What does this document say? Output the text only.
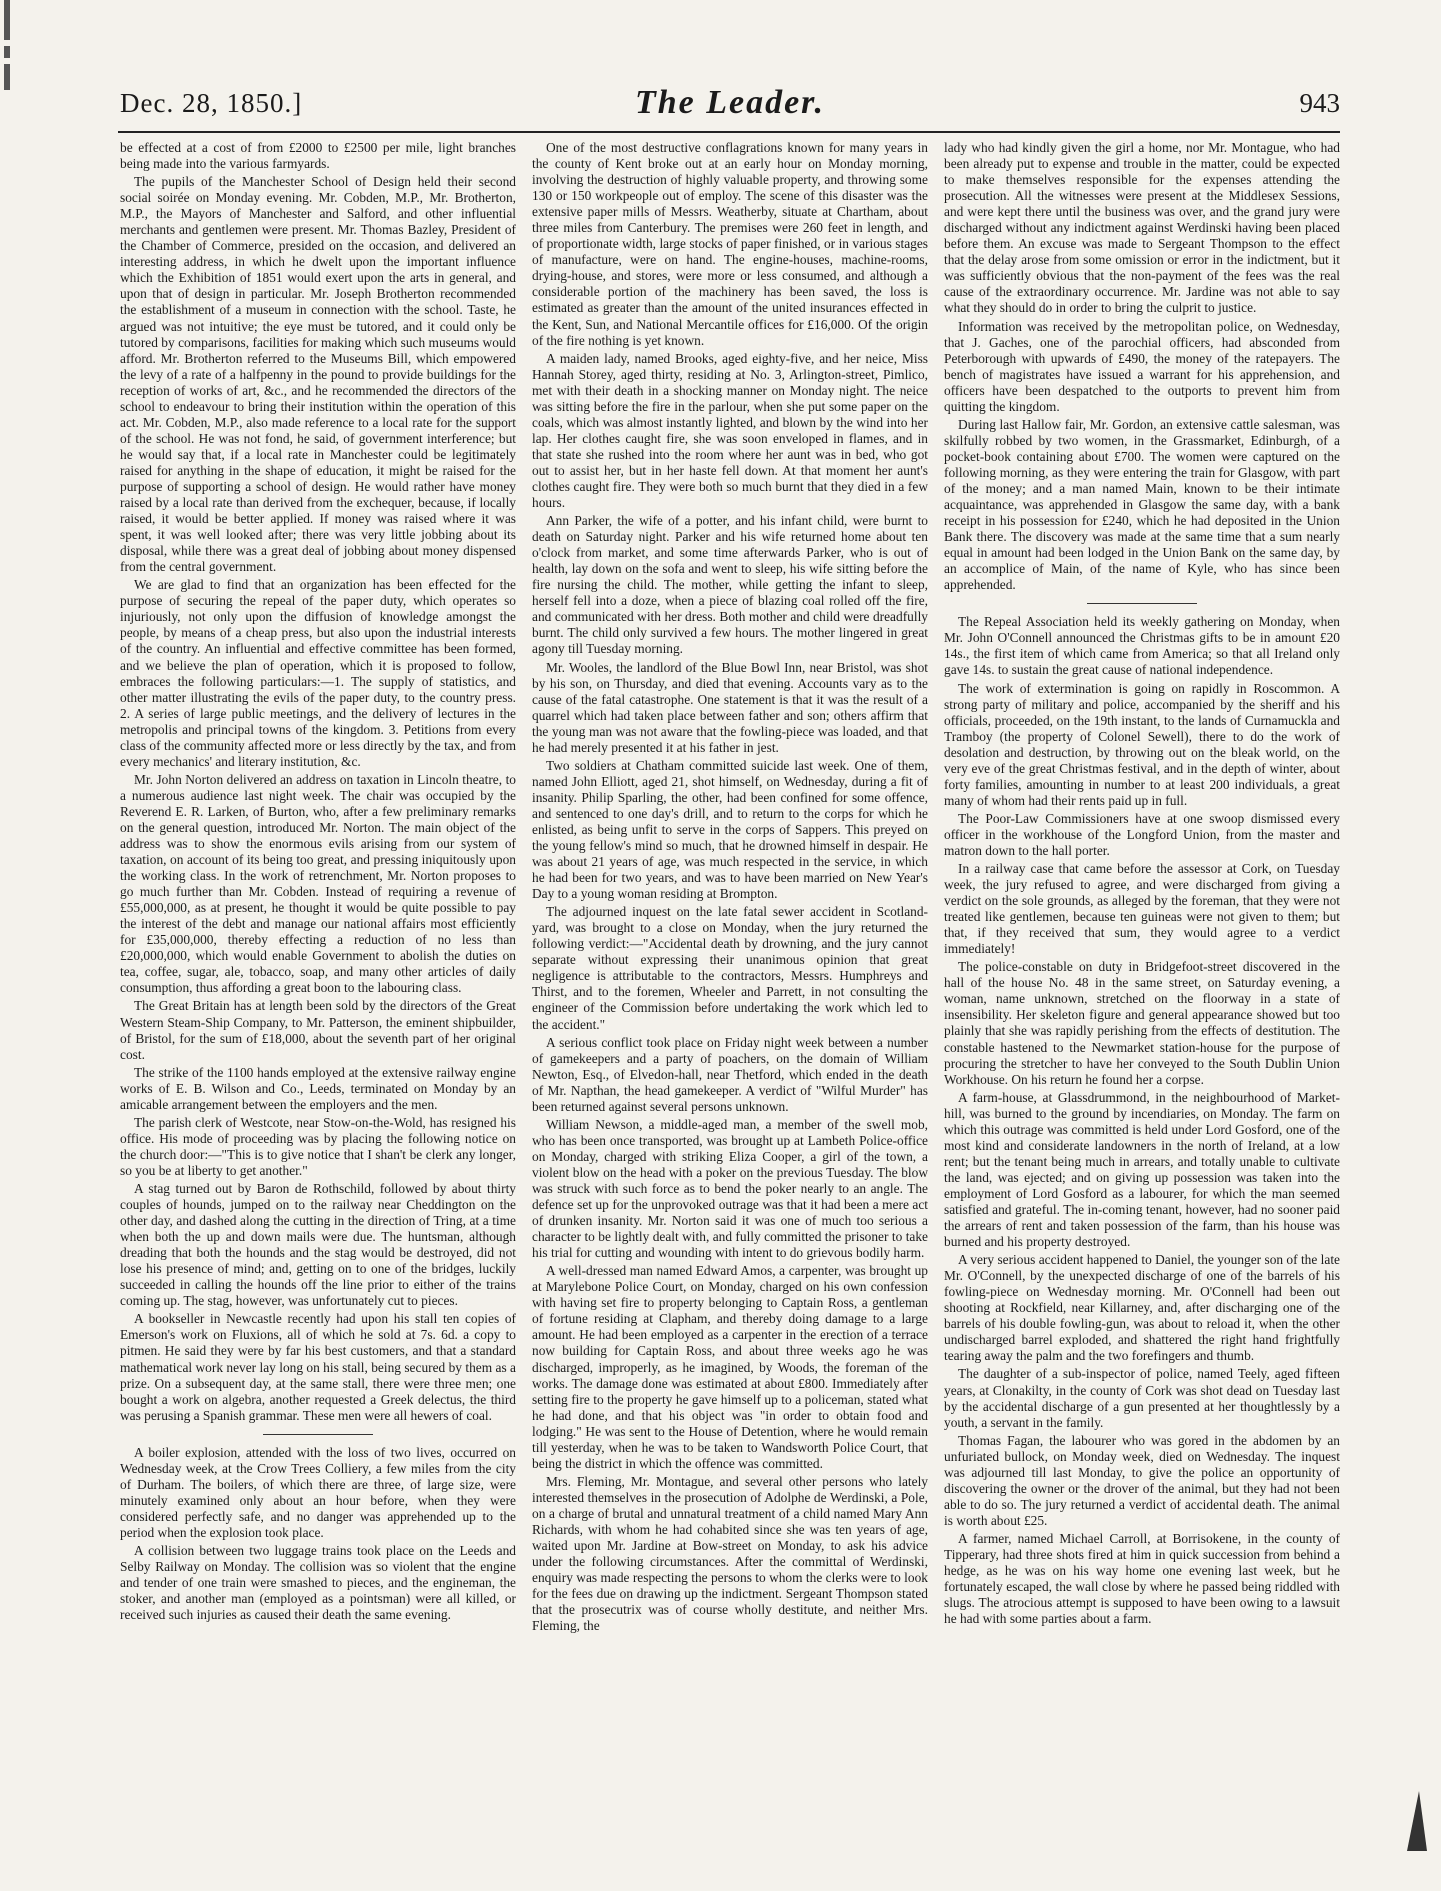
Dec. 28, 1850.]	The Leader.	943

be effected at a cost of from £2000 to £2500 per mile, light branches being made into the various farmyards.

The pupils of the Manchester School of Design held their second social soirée on Monday evening. Mr. Cobden, M.P., Mr. Brotherton, M.P., the Mayors of Manchester and Salford, and other influential merchants and gentlemen were present. Mr. Thomas Bazley, President of the Chamber of Commerce, presided on the occasion, and delivered an interesting address, in which he dwelt upon the important influence which the Exhibition of 1851 would exert upon the arts in general, and upon that of design in particular. Mr. Joseph Brotherton recommended the establishment of a museum in connection with the school. Taste, he argued was not intuitive; the eye must be tutored, and it could only be tutored by comparisons, facilities for making which such museums would afford. Mr. Brotherton referred to the Museums Bill, which empowered the levy of a rate of a halfpenny in the pound to provide buildings for the reception of works of art, &c., and he recommended the directors of the school to endeavour to bring their institution within the operation of this act. Mr. Cobden, M.P., also made reference to a local rate for the support of the school. He was not fond, he said, of government interference; but he would say that, if a local rate in Manchester could be legitimately raised for anything in the shape of education, it might be raised for the purpose of supporting a school of design. He would rather have money raised by a local rate than derived from the exchequer, because, if locally raised, it would be better applied. If money was raised where it was spent, it was well looked after; there was very little jobbing about its disposal, while there was a great deal of jobbing about money dispensed from the central government.

We are glad to find that an organization has been effected for the purpose of securing the repeal of the paper duty, which operates so injuriously, not only upon the diffusion of knowledge amongst the people, by means of a cheap press, but also upon the industrial interests of the country. An influential and effective committee has been formed, and we believe the plan of operation, which it is proposed to follow, embraces the following particulars:—1. The supply of statistics, and other matter illustrating the evils of the paper duty, to the country press. 2. A series of large public meetings, and the delivery of lectures in the metropolis and principal towns of the kingdom. 3. Petitions from every class of the community affected more or less directly by the tax, and from every mechanics' and literary institution, &c.

Mr. John Norton delivered an address on taxation in Lincoln theatre, to a numerous audience last night week. The chair was occupied by the Reverend E. R. Larken, of Burton, who, after a few preliminary remarks on the general question, introduced Mr. Norton. The main object of the address was to show the enormous evils arising from our system of taxation, on account of its being too great, and pressing iniquitously upon the working class. In the work of retrenchment, Mr. Norton proposes to go much further than Mr. Cobden. Instead of requiring a revenue of £55,000,000, as at present, he thought it would be quite possible to pay the interest of the debt and manage our national affairs most efficiently for £35,000,000, thereby effecting a reduction of no less than £20,000,000, which would enable Government to abolish the duties on tea, coffee, sugar, ale, tobacco, soap, and many other articles of daily consumption, thus affording a great boon to the labouring class.

The Great Britain has at length been sold by the directors of the Great Western Steam-Ship Company, to Mr. Patterson, the eminent shipbuilder, of Bristol, for the sum of £18,000, about the seventh part of her original cost.

The strike of the 1100 hands employed at the extensive railway engine works of E. B. Wilson and Co., Leeds, terminated on Monday by an amicable arrangement between the employers and the men.

The parish clerk of Westcote, near Stow-on-the-Wold, has resigned his office. His mode of proceeding was by placing the following notice on the church door:—"This is to give notice that I shan't be clerk any longer, so you be at liberty to get another."

A stag turned out by Baron de Rothschild, followed by about thirty couples of hounds, jumped on to the railway near Cheddington on the other day, and dashed along the cutting in the direction of Tring, at a time when both the up and down mails were due. The huntsman, although dreading that both the hounds and the stag would be destroyed, did not lose his presence of mind; and, getting on to one of the bridges, luckily succeeded in calling the hounds off the line prior to either of the trains coming up. The stag, however, was unfortunately cut to pieces.

A bookseller in Newcastle recently had upon his stall ten copies of Emerson's work on Fluxions, all of which he sold at 7s. 6d. a copy to pitmen. He said they were by far his best customers, and that a standard mathematical work never lay long on his stall, being secured by them as a prize. On a subsequent day, at the same stall, there were three men; one bought a work on algebra, another requested a Greek delectus, the third was perusing a Spanish grammar. These men were all hewers of coal.

A boiler explosion, attended with the loss of two lives, occurred on Wednesday week, at the Crow Trees Colliery, a few miles from the city of Durham. The boilers, of which there are three, of large size, were minutely examined only about an hour before, when they were considered perfectly safe, and no danger was apprehended up to the period when the explosion took place.

A collision between two luggage trains took place on the Leeds and Selby Railway on Monday. The collision was so violent that the engine and tender of one train were smashed to pieces, and the engineman, the stoker, and another man (employed as a pointsman) were all killed, or received such injuries as caused their death the same evening.

One of the most destructive conflagrations known for many years in the county of Kent broke out at an early hour on Monday morning, involving the destruction of highly valuable property, and throwing some 130 or 150 workpeople out of employ. The scene of this disaster was the extensive paper mills of Messrs. Weatherby, situate at Chartham, about three miles from Canterbury. The premises were 260 feet in length, and of proportionate width, large stocks of paper finished, or in various stages of manufacture, were on hand. The engine-houses, machine-rooms, drying-house, and stores, were more or less consumed, and although a considerable portion of the machinery has been saved, the loss is estimated as greater than the amount of the united insurances effected in the Kent, Sun, and National Mercantile offices for £16,000. Of the origin of the fire nothing is yet known.

A maiden lady, named Brooks, aged eighty-five, and her neice, Miss Hannah Storey, aged thirty, residing at No. 3, Arlington-street, Pimlico, met with their death in a shocking manner on Monday night. The neice was sitting before the fire in the parlour, when she put some paper on the coals, which was almost instantly lighted, and blown by the wind into her lap. Her clothes caught fire, she was soon enveloped in flames, and in that state she rushed into the room where her aunt was in bed, who got out to assist her, but in her haste fell down. At that moment her aunt's clothes caught fire. They were both so much burnt that they died in a few hours.

Ann Parker, the wife of a potter, and his infant child, were burnt to death on Saturday night. Parker and his wife returned home about ten o'clock from market, and some time afterwards Parker, who is out of health, lay down on the sofa and went to sleep, his wife sitting before the fire nursing the child. The mother, while getting the infant to sleep, herself fell into a doze, when a piece of blazing coal rolled off the fire, and communicated with her dress. Both mother and child were dreadfully burnt. The child only survived a few hours. The mother lingered in great agony till Tuesday morning.

Mr. Wooles, the landlord of the Blue Bowl Inn, near Bristol, was shot by his son, on Thursday, and died that evening. Accounts vary as to the cause of the fatal catastrophe. One statement is that it was the result of a quarrel which had taken place between father and son; others affirm that the young man was not aware that the fowling-piece was loaded, and that he had merely presented it at his father in jest.

Two soldiers at Chatham committed suicide last week. One of them, named John Elliott, aged 21, shot himself, on Wednesday, during a fit of insanity. Philip Sparling, the other, had been confined for some offence, and sentenced to one day's drill, and to return to the corps for which he enlisted, as being unfit to serve in the corps of Sappers. This preyed on the young fellow's mind so much, that he drowned himself in despair. He was about 21 years of age, was much respected in the service, in which he had been for two years, and was to have been married on New Year's Day to a young woman residing at Brompton.

The adjourned inquest on the late fatal sewer accident in Scotland-yard, was brought to a close on Monday, when the jury returned the following verdict:—"Accidental death by drowning, and the jury cannot separate without expressing their unanimous opinion that great negligence is attributable to the contractors, Messrs. Humphreys and Thirst, and to the foremen, Wheeler and Parrett, in not consulting the engineer of the Commission before undertaking the work which led to the accident."

A serious conflict took place on Friday night week between a number of gamekeepers and a party of poachers, on the domain of William Newton, Esq., of Elvedon-hall, near Thetford, which ended in the death of Mr. Napthan, the head gamekeeper. A verdict of "Wilful Murder" has been returned against several persons unknown.

William Newson, a middle-aged man, a member of the swell mob, who has been once transported, was brought up at Lambeth Police-office on Monday, charged with striking Eliza Cooper, a girl of the town, a violent blow on the head with a poker on the previous Tuesday. The blow was struck with such force as to bend the poker nearly to an angle. The defence set up for the unprovoked outrage was that it had been a mere act of drunken insanity. Mr. Norton said it was one of much too serious a character to be lightly dealt with, and fully committed the prisoner to take his trial for cutting and wounding with intent to do grievous bodily harm.

A well-dressed man named Edward Amos, a carpenter, was brought up at Marylebone Police Court, on Monday, charged on his own confession with having set fire to property belonging to Captain Ross, a gentleman of fortune residing at Clapham, and thereby doing damage to a large amount. He had been employed as a carpenter in the erection of a terrace now building for Captain Ross, and about three weeks ago he was discharged, improperly, as he imagined, by Woods, the foreman of the works. The damage done was estimated at about £800. Immediately after setting fire to the property he gave himself up to a policeman, stated what he had done, and that his object was "in order to obtain food and lodging." He was sent to the House of Detention, where he would remain till yesterday, when he was to be taken to Wandsworth Police Court, that being the district in which the offence was committed.

Mrs. Fleming, Mr. Montague, and several other persons who lately interested themselves in the prosecution of Adolphe de Werdinski, a Pole, on a charge of brutal and unnatural treatment of a child named Mary Ann Richards, with whom he had cohabited since she was ten years of age, waited upon Mr. Jardine at Bow-street on Monday, to ask his advice under the following circumstances. After the committal of Werdinski, enquiry was made respecting the persons to whom the clerks were to look for the fees due on drawing up the indictment. Sergeant Thompson stated that the prosecutrix was of course wholly destitute, and neither Mrs. Fleming, the

lady who had kindly given the girl a home, nor Mr. Montague, who had been already put to expense and trouble in the matter, could be expected to make themselves responsible for the expenses attending the prosecution. All the witnesses were present at the Middlesex Sessions, and were kept there until the business was over, and the grand jury were discharged without any indictment against Werdinski having been placed before them. An excuse was made to Sergeant Thompson to the effect that the delay arose from some omission or error in the indictment, but it was sufficiently obvious that the non-payment of the fees was the real cause of the extraordinary occurrence. Mr. Jardine was not able to say what they should do in order to bring the culprit to justice.

Information was received by the metropolitan police, on Wednesday, that J. Gaches, one of the parochial officers, had absconded from Peterborough with upwards of £490, the money of the ratepayers. The bench of magistrates have issued a warrant for his apprehension, and officers have been despatched to the outports to prevent him from quitting the kingdom.

During last Hallow fair, Mr. Gordon, an extensive cattle salesman, was skilfully robbed by two women, in the Grassmarket, Edinburgh, of a pocket-book containing about £700. The women were captured on the following morning, as they were entering the train for Glasgow, with part of the money; and a man named Main, known to be their intimate acquaintance, was apprehended in Glasgow the same day, with a bank receipt in his possession for £240, which he had deposited in the Union Bank there. The discovery was made at the same time that a sum nearly equal in amount had been lodged in the Union Bank on the same day, by an accomplice of Main, of the name of Kyle, who has since been apprehended.

The Repeal Association held its weekly gathering on Monday, when Mr. John O'Connell announced the Christmas gifts to be in amount £20 14s., the first item of which came from America; so that all Ireland only gave 14s. to sustain the great cause of national independence.

The work of extermination is going on rapidly in Roscommon. A strong party of military and police, accompanied by the sheriff and his officials, proceeded, on the 19th instant, to the lands of Curnamuckla and Tramboy (the property of Colonel Sewell), there to do the work of desolation and destruction, by throwing out on the bleak world, on the very eve of the great Christmas festival, and in the depth of winter, about forty families, amounting in number to at least 200 individuals, a great many of whom had their rents paid up in full.

The Poor-Law Commissioners have at one swoop dismissed every officer in the workhouse of the Longford Union, from the master and matron down to the hall porter.

In a railway case that came before the assessor at Cork, on Tuesday week, the jury refused to agree, and were discharged from giving a verdict on the sole grounds, as alleged by the foreman, that they were not treated like gentlemen, because ten guineas were not given to them; but that, if they received that sum, they would agree to a verdict immediately!

The police-constable on duty in Bridgefoot-street discovered in the hall of the house No. 48 in the same street, on Saturday evening, a woman, name unknown, stretched on the floorway in a state of insensibility. Her skeleton figure and general appearance showed but too plainly that she was rapidly perishing from the effects of destitution. The constable hastened to the Newmarket station-house for the purpose of procuring the stretcher to have her conveyed to the South Dublin Union Workhouse. On his return he found her a corpse.

A farm-house, at Glassdrummond, in the neighbourhood of Market-hill, was burned to the ground by incendiaries, on Monday. The farm on which this outrage was committed is held under Lord Gosford, one of the most kind and considerate landowners in the north of Ireland, at a low rent; but the tenant being much in arrears, and totally unable to cultivate the land, was ejected; and on giving up possession was taken into the employment of Lord Gosford as a labourer, for which the man seemed satisfied and grateful. The in-coming tenant, however, had no sooner paid the arrears of rent and taken possession of the farm, than his house was burned and his property destroyed.

A very serious accident happened to Daniel, the younger son of the late Mr. O'Connell, by the unexpected discharge of one of the barrels of his fowling-piece on Wednesday morning. Mr. O'Connell had been out shooting at Rockfield, near Killarney, and, after discharging one of the barrels of his double fowling-gun, was about to reload it, when the other undischarged barrel exploded, and shattered the right hand frightfully tearing away the palm and the two forefingers and thumb.

The daughter of a sub-inspector of police, named Teely, aged fifteen years, at Clonakilty, in the county of Cork was shot dead on Tuesday last by the accidental discharge of a gun presented at her thoughtlessly by a youth, a servant in the family.

Thomas Fagan, the labourer who was gored in the abdomen by an unfuriated bullock, on Monday week, died on Wednesday. The inquest was adjourned till last Monday, to give the police an opportunity of discovering the owner or the drover of the animal, but they had not been able to do so. The jury returned a verdict of accidental death. The animal is worth about £25.

A farmer, named Michael Carroll, at Borrisokene, in the county of Tipperary, had three shots fired at him in quick succession from behind a hedge, as he was on his way home one evening last week, but he fortunately escaped, the wall close by where he passed being riddled with slugs. The atrocious attempt is supposed to have been owing to a lawsuit he had with some parties about a farm.
